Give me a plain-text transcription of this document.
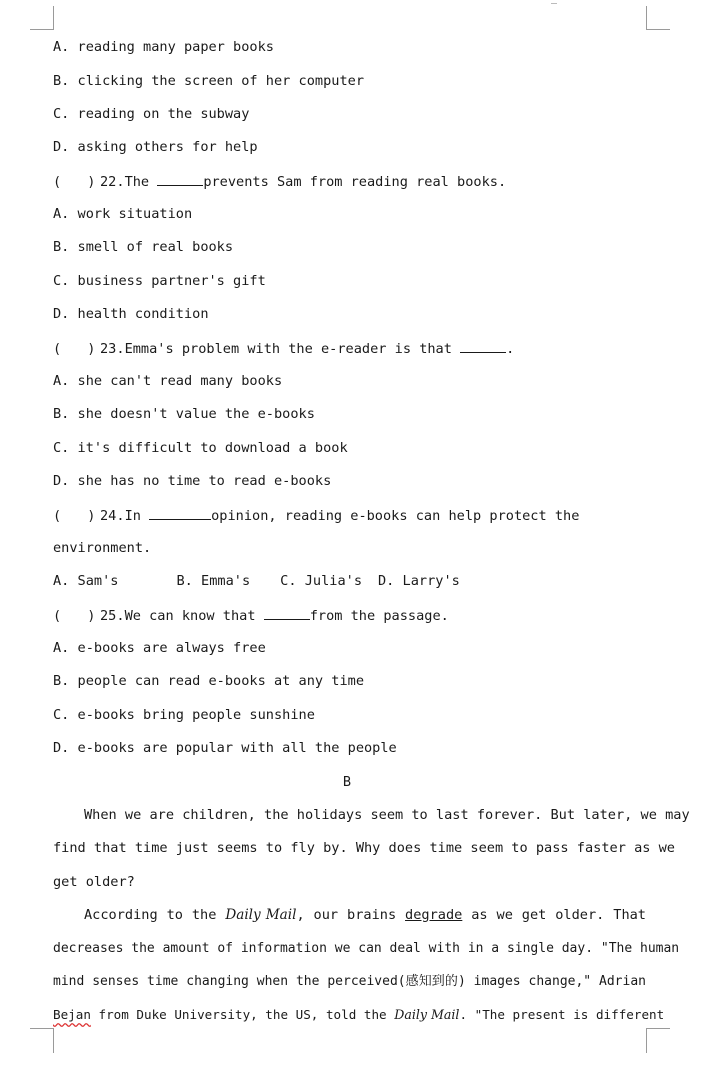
A. reading many paper books
B. clicking the screen of her computer
C. reading on the subway
D. asking others for help
( ) 22.The	prevents Sam from reading real books.
A. work situation
B. smell of real books
C. business partner's gift
D. health condition
( ) 23.Emma's problem with the e-reader is that	.
A. she can't read many books
B. she doesn't value the e-books
C. it's difficult to download a book
D. she has no time to read e-books
( ) 24.In	opinion, reading e-books can help protect the
environment.
A. Sam's	B. Emma's C. Julia's D. Larry's
( ) 25.We can know that	from the passage.
A. e-books are always free
B. people can read e-books at any time
C. e-books bring people sunshine
D. e-books are popular with all the people
B
When we are children, the holidays seem to last forever. But later, we may
find that time just seems to fly by. Why does time seem to pass faster as we
get older?
According to the Daily Mail, our brains degrade as we get older. That
decreases the amount of information we can deal with in a single day. "The human
mind senses time changing when the perceived(感知到的) images change," Adrian
Bejan from Duke University, the US, told the Daily Mail. "The present is different
